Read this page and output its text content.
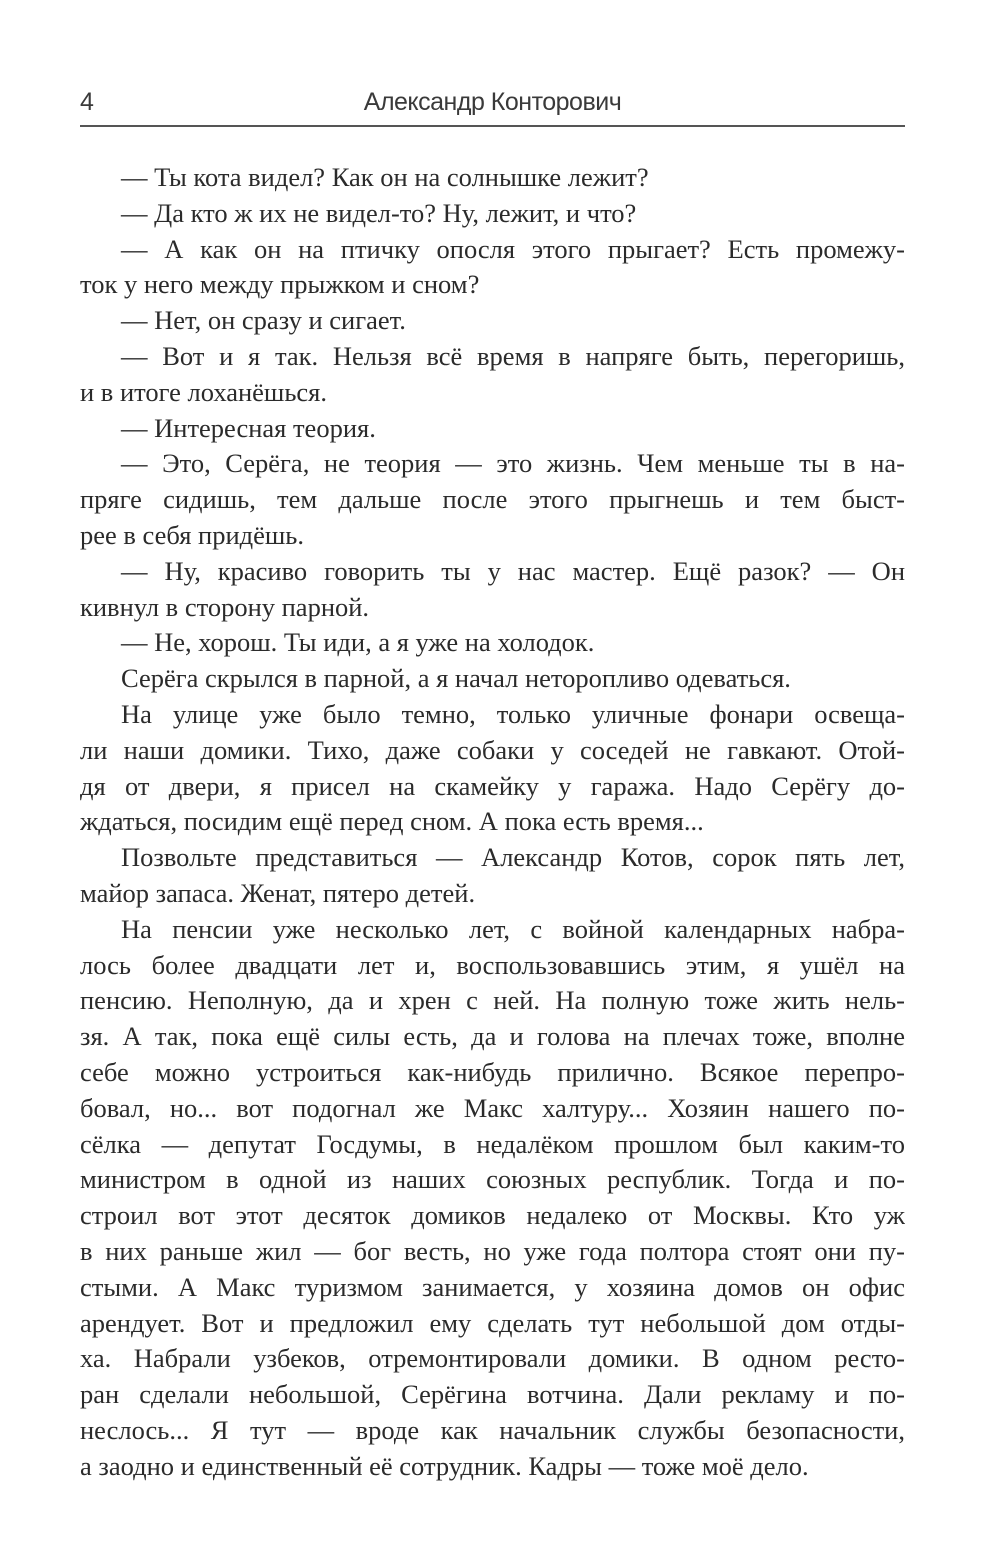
4	Александр Конторович
— Ты кота видел? Как он на солнышке лежит?
— Да кто ж их не видел-то? Ну, лежит, и что?
— А как он на птичку опосля этого прыгает? Есть промежу-
ток у него между прыжком и сном?
— Нет, он сразу и сигает.
— Вот и я так. Нельзя всё время в напряге быть, перегоришь,
и в итоге лоханёшься.
— Интересная теория.
— Это, Серёга, не теория — это жизнь. Чем меньше ты в на-
пряге сидишь, тем дальше после этого прыгнешь и тем быст-
рее в себя придёшь.
— Ну, красиво говорить ты у нас мастер. Ещё разок? — Он
кивнул в сторону парной.
— Не, хорош. Ты иди, а я уже на холодок.
Серёга скрылся в парной, а я начал неторопливо одеваться.
На улице уже было темно, только уличные фонари освеща-
ли наши домики. Тихо, даже собаки у соседей не гавкают. Отой-
дя от двери, я присел на скамейку у гаража. Надо Серёгу до-
ждаться, посидим ещё перед сном. А пока есть время...
Позвольте представиться — Александр Котов, сорок пять лет,
майор запаса. Женат, пятеро детей.
На пенсии уже несколько лет, с войной календарных набра-
лось более двадцати лет и, воспользовавшись этим, я ушёл на
пенсию. Неполную, да и хрен с ней. На полную тоже жить нель-
зя. А так, пока ещё силы есть, да и голова на плечах тоже, вполне
себе можно устроиться как-нибудь прилично. Всякое перепро-
бовал, но... вот подогнал же Макс халтуру... Хозяин нашего по-
сёлка — депутат Госдумы, в недалёком прошлом был каким-то
министром в одной из наших союзных республик. Тогда и по-
строил вот этот десяток домиков недалеко от Москвы. Кто уж
в них раньше жил — бог весть, но уже года полтора стоят они пу-
стыми. А Макс туризмом занимается, у хозяина домов он офис
арендует. Вот и предложил ему сделать тут небольшой дом отды-
ха. Набрали узбеков, отремонтировали домики. В одном ресто-
ран сделали небольшой, Серёгина вотчина. Дали рекламу и по-
неслось... Я тут — вроде как начальник службы безопасности,
а заодно и единственный её сотрудник. Кадры — тоже моё дело.
